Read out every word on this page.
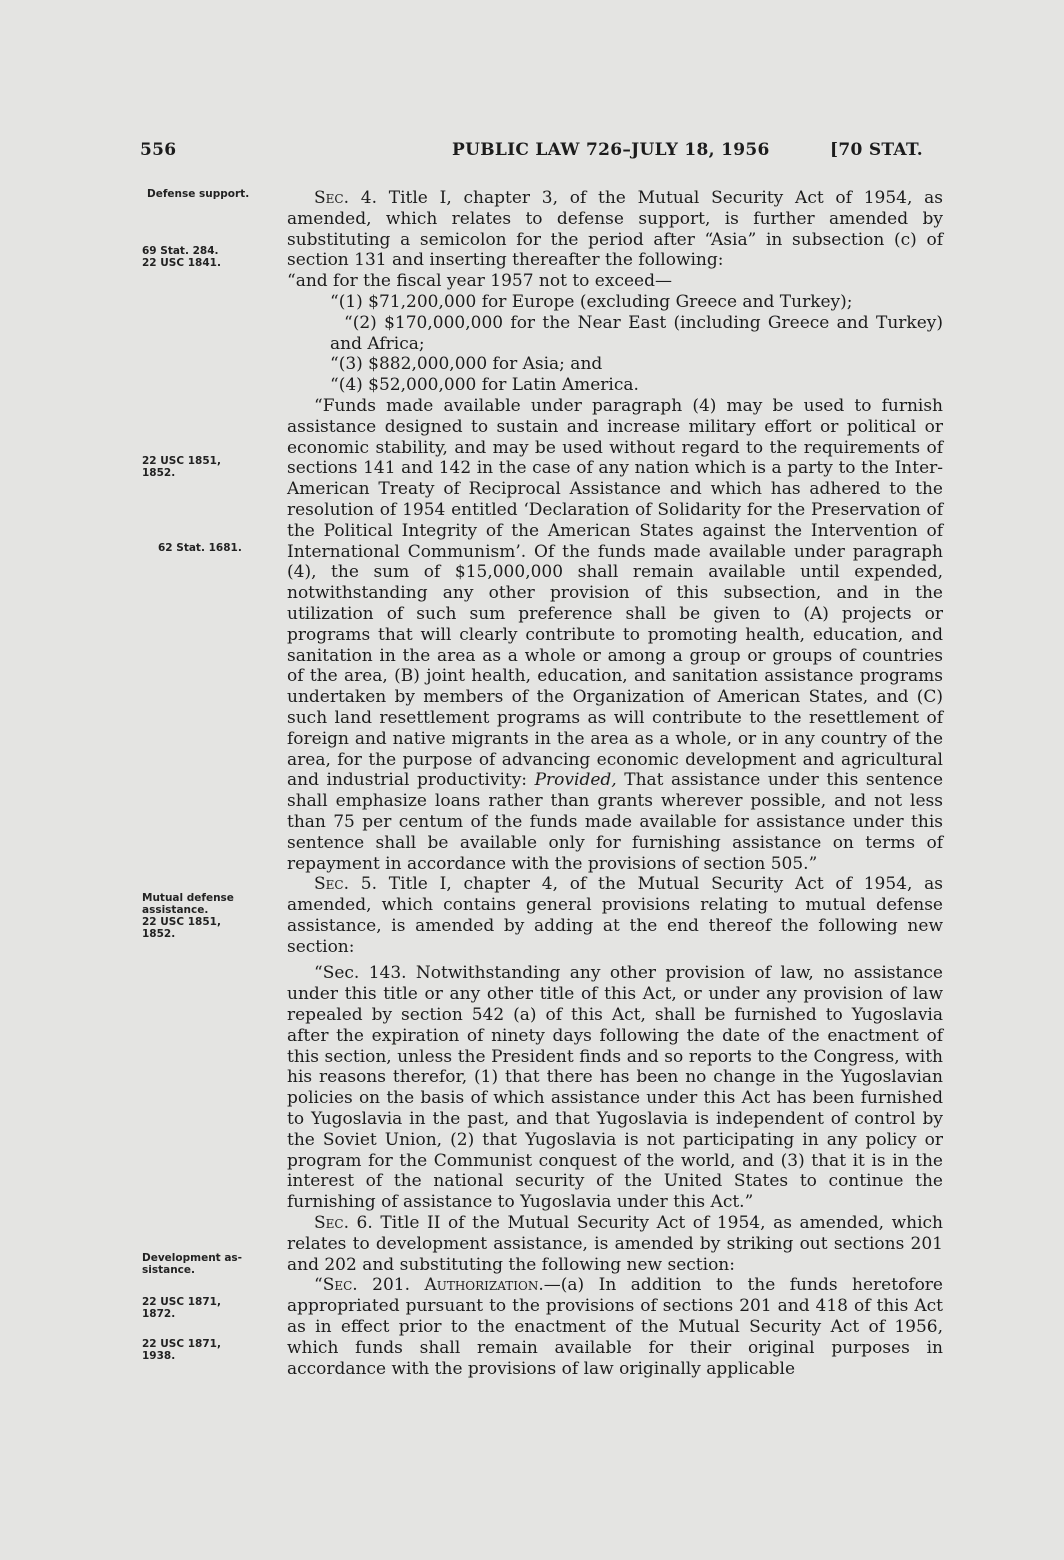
556	PUBLIC LAW 726–JULY 18, 1956	[70 STAT.
Defense support.
69 Stat. 284.
22 USC 1841.
22 USC 1851,
1852.
62 Stat. 1681.
Mutual defense
assistance.
22 USC 1851,
1852.
Development as-
sistance.
22 USC 1871,
1872.
22 USC 1871,
1938.

Sec. 4. Title I, chapter 3, of the Mutual Security Act of 1954, as amended, which relates to defense support, is further amended by substituting a semicolon for the period after “Asia” in subsection (c) of section 131 and inserting thereafter the following:

“and for the fiscal year 1957 not to exceed—

“(1) $71,200,000 for Europe (excluding Greece and Turkey);

“(2) $170,000,000 for the Near East (including Greece and Turkey) and Africa;

“(3) $882,000,000 for Asia; and

“(4) $52,000,000 for Latin America.

“Funds made available under paragraph (4) may be used to furnish assistance designed to sustain and increase military effort or political or economic stability, and may be used without regard to the requirements of sections 141 and 142 in the case of any nation which is a party to the Inter-American Treaty of Reciprocal Assistance and which has adhered to the resolution of 1954 entitled ‘Declaration of Solidarity for the Preservation of the Political Integrity of the American States against the Intervention of International Communism’. Of the funds made available under paragraph (4), the sum of $15,000,000 shall remain available until expended, notwithstanding any other provision of this subsection, and in the utilization of such sum preference shall be given to (A) projects or programs that will clearly contribute to promoting health, education, and sanitation in the area as a whole or among a group or groups of countries of the area, (B) joint health, education, and sanitation assistance programs undertaken by members of the Organization of American States, and (C) such land resettlement programs as will contribute to the resettlement of foreign and native migrants in the area as a whole, or in any country of the area, for the purpose of advancing economic development and agricultural and industrial productivity: Provided, That assistance under this sentence shall emphasize loans rather than grants wherever possible, and not less than 75 per centum of the funds made available for assistance under this sentence shall be available only for furnishing assistance on terms of repayment in accordance with the provisions of section 505.”

Sec. 5. Title I, chapter 4, of the Mutual Security Act of 1954, as amended, which contains general provisions relating to mutual defense assistance, is amended by adding at the end thereof the following new section:

“Sec. 143. Notwithstanding any other provision of law, no assistance under this title or any other title of this Act, or under any provision of law repealed by section 542 (a) of this Act, shall be furnished to Yugoslavia after the expiration of ninety days following the date of the enactment of this section, unless the President finds and so reports to the Congress, with his reasons therefor, (1) that there has been no change in the Yugoslavian policies on the basis of which assistance under this Act has been furnished to Yugoslavia in the past, and that Yugoslavia is independent of control by the Soviet Union, (2) that Yugoslavia is not participating in any policy or program for the Communist conquest of the world, and (3) that it is in the interest of the national security of the United States to continue the furnishing of assistance to Yugoslavia under this Act.”

Sec. 6. Title II of the Mutual Security Act of 1954, as amended, which relates to development assistance, is amended by striking out sections 201 and 202 and substituting the following new section:

“Sec. 201. Authorization.—(a) In addition to the funds heretofore appropriated pursuant to the provisions of sections 201 and 418 of this Act as in effect prior to the enactment of the Mutual Security Act of 1956, which funds shall remain available for their original purposes in accordance with the provisions of law originally applicable
